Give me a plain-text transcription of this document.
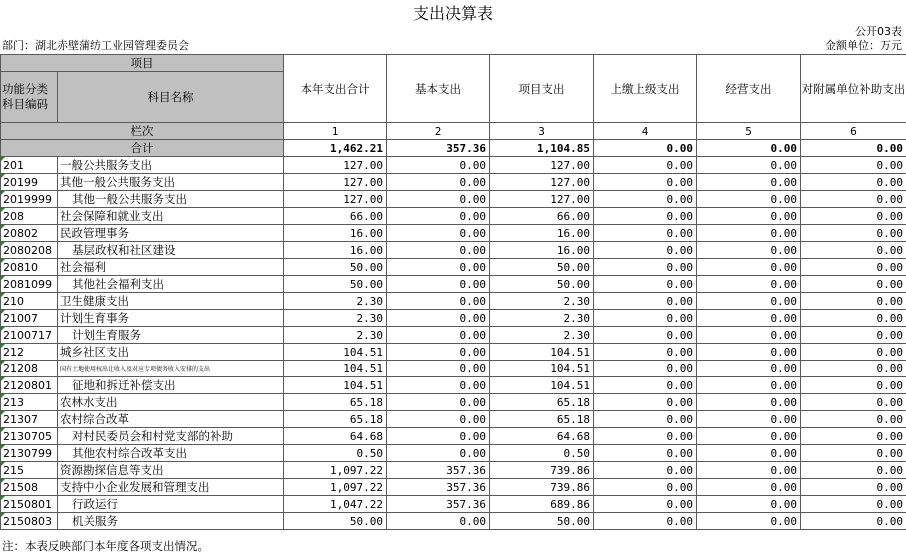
支出决算表
公开03表
部门：湖北赤壁蒲纺工业园管理委员会	金额单位：万元
项目		本年支出合计	基本支出	项目支出	上缴上级支出	经营支出	对附属单位补助支出
功能分类科目编码	科目名称						
栏次		1	2	3	4	5	6
合计		1,462.21	357.36	1,104.85	0.00	0.00	0.00
201	一般公共服务支出	127.00	0.00	127.00	0.00	0.00	0.00
20199	其他一般公共服务支出	127.00	0.00	127.00	0.00	0.00	0.00
2019999	其他一般公共服务支出	127.00	0.00	127.00	0.00	0.00	0.00
208	社会保障和就业支出	66.00	0.00	66.00	0.00	0.00	0.00
20802	民政管理事务	16.00	0.00	16.00	0.00	0.00	0.00
2080208	基层政权和社区建设	16.00	0.00	16.00	0.00	0.00	0.00
20810	社会福利	50.00	0.00	50.00	0.00	0.00	0.00
2081099	其他社会福利支出	50.00	0.00	50.00	0.00	0.00	0.00
210	卫生健康支出	2.30	0.00	2.30	0.00	0.00	0.00
21007	计划生育事务	2.30	0.00	2.30	0.00	0.00	0.00
2100717	计划生育服务	2.30	0.00	2.30	0.00	0.00	0.00
212	城乡社区支出	104.51	0.00	104.51	0.00	0.00	0.00
21208	国有土地使用权出让收入及对应专项债务收入安排的支出	104.51	0.00	104.51	0.00	0.00	0.00
2120801	征地和拆迁补偿支出	104.51	0.00	104.51	0.00	0.00	0.00
213	农林水支出	65.18	0.00	65.18	0.00	0.00	0.00
21307	农村综合改革	65.18	0.00	65.18	0.00	0.00	0.00
2130705	对村民委员会和村党支部的补助	64.68	0.00	64.68	0.00	0.00	0.00
2130799	其他农村综合改革支出	0.50	0.00	0.50	0.00	0.00	0.00
215	资源勘探信息等支出	1,097.22	357.36	739.86	0.00	0.00	0.00
21508	支持中小企业发展和管理支出	1,097.22	357.36	739.86	0.00	0.00	0.00
2150801	行政运行	1,047.22	357.36	689.86	0.00	0.00	0.00
2150803	机关服务	50.00	0.00	50.00	0.00	0.00	0.00
注：本表反映部门本年度各项支出情况。
